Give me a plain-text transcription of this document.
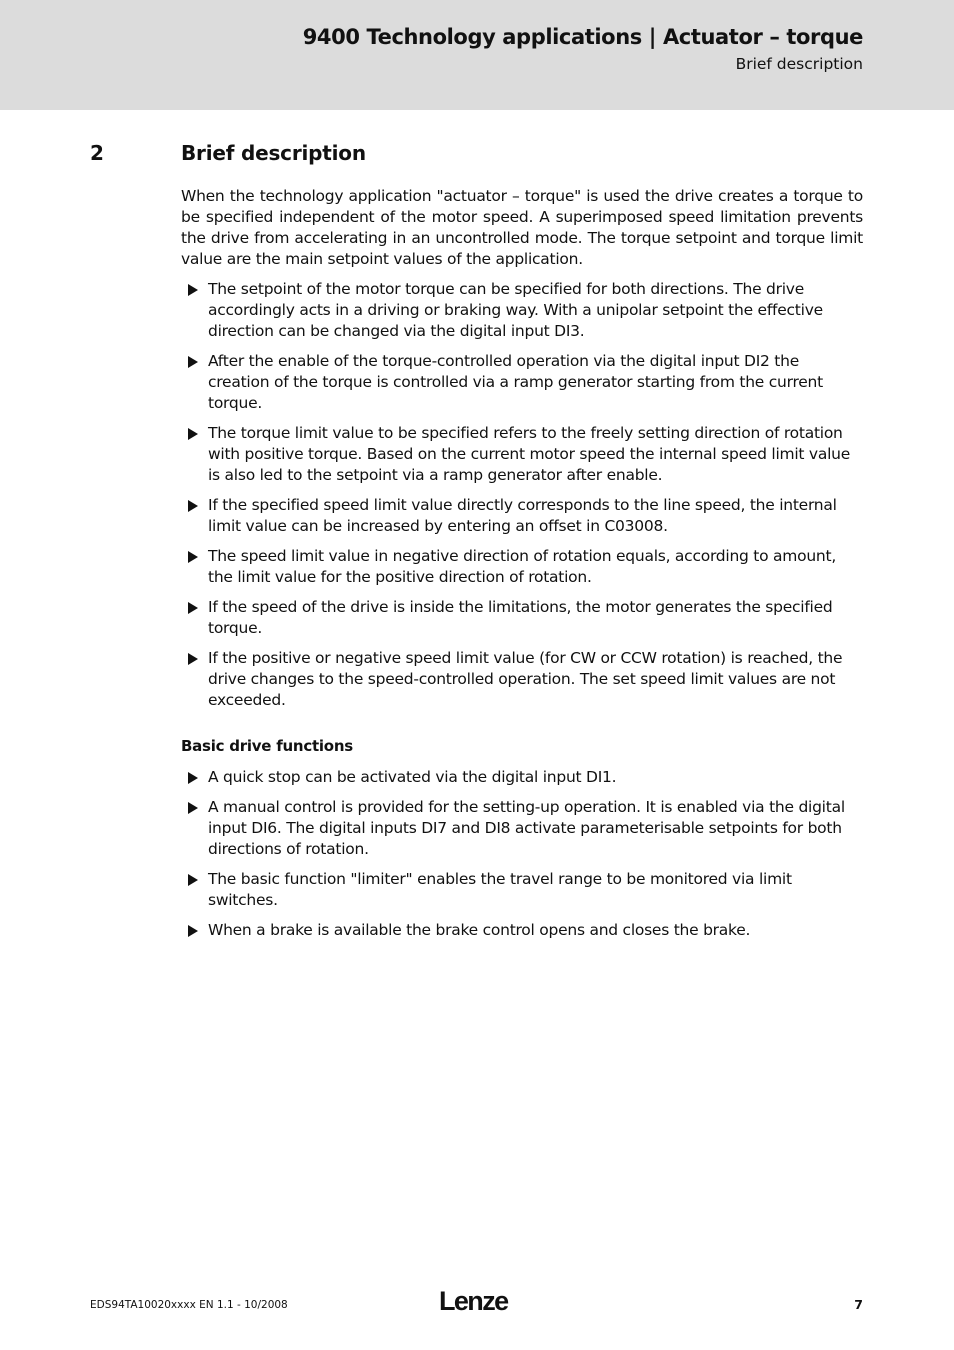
9400 Technology applications | Actuator – torque
Brief description
2	Brief description

When the technology application "actuator – torque" is used the drive creates a torque to be specified independent of the motor speed. A superimposed speed limitation prevents the drive from accelerating in an uncontrolled mode. The torque setpoint and torque limit value are the main setpoint values of the application.

The setpoint of the motor torque can be specified for both directions. The drive accordingly acts in a driving or braking way. With a unipolar setpoint the effective direction can be changed via the digital input DI3.
After the enable of the torque-controlled operation via the digital input DI2 the creation of the torque is controlled via a ramp generator starting from the current torque.
The torque limit value to be specified refers to the freely setting direction of rotation with positive torque. Based on the current motor speed the internal speed limit value is also led to the setpoint via a ramp generator after enable.
If the specified speed limit value directly corresponds to the line speed, the internal limit value can be increased by entering an offset in C03008.
The speed limit value in negative direction of rotation equals, according to amount, the limit value for the positive direction of rotation.
If the speed of the drive is inside the limitations, the motor generates the specified torque.
If the positive or negative speed limit value (for CW or CCW rotation) is reached, the drive changes to the speed-controlled operation. The set speed limit values are not exceeded.
Basic drive functions
A quick stop can be activated via the digital input DI1.
A manual control is provided for the setting-up operation. It is enabled via the digital input DI6. The digital inputs DI7 and DI8 activate parameterisable setpoints for both directions of rotation.
The basic function "limiter" enables the travel range to be monitored via limit switches.
When a brake is available the brake control opens and closes the brake.
EDS94TA10020xxxx EN 1.1 - 10/2008	Lenze	7
